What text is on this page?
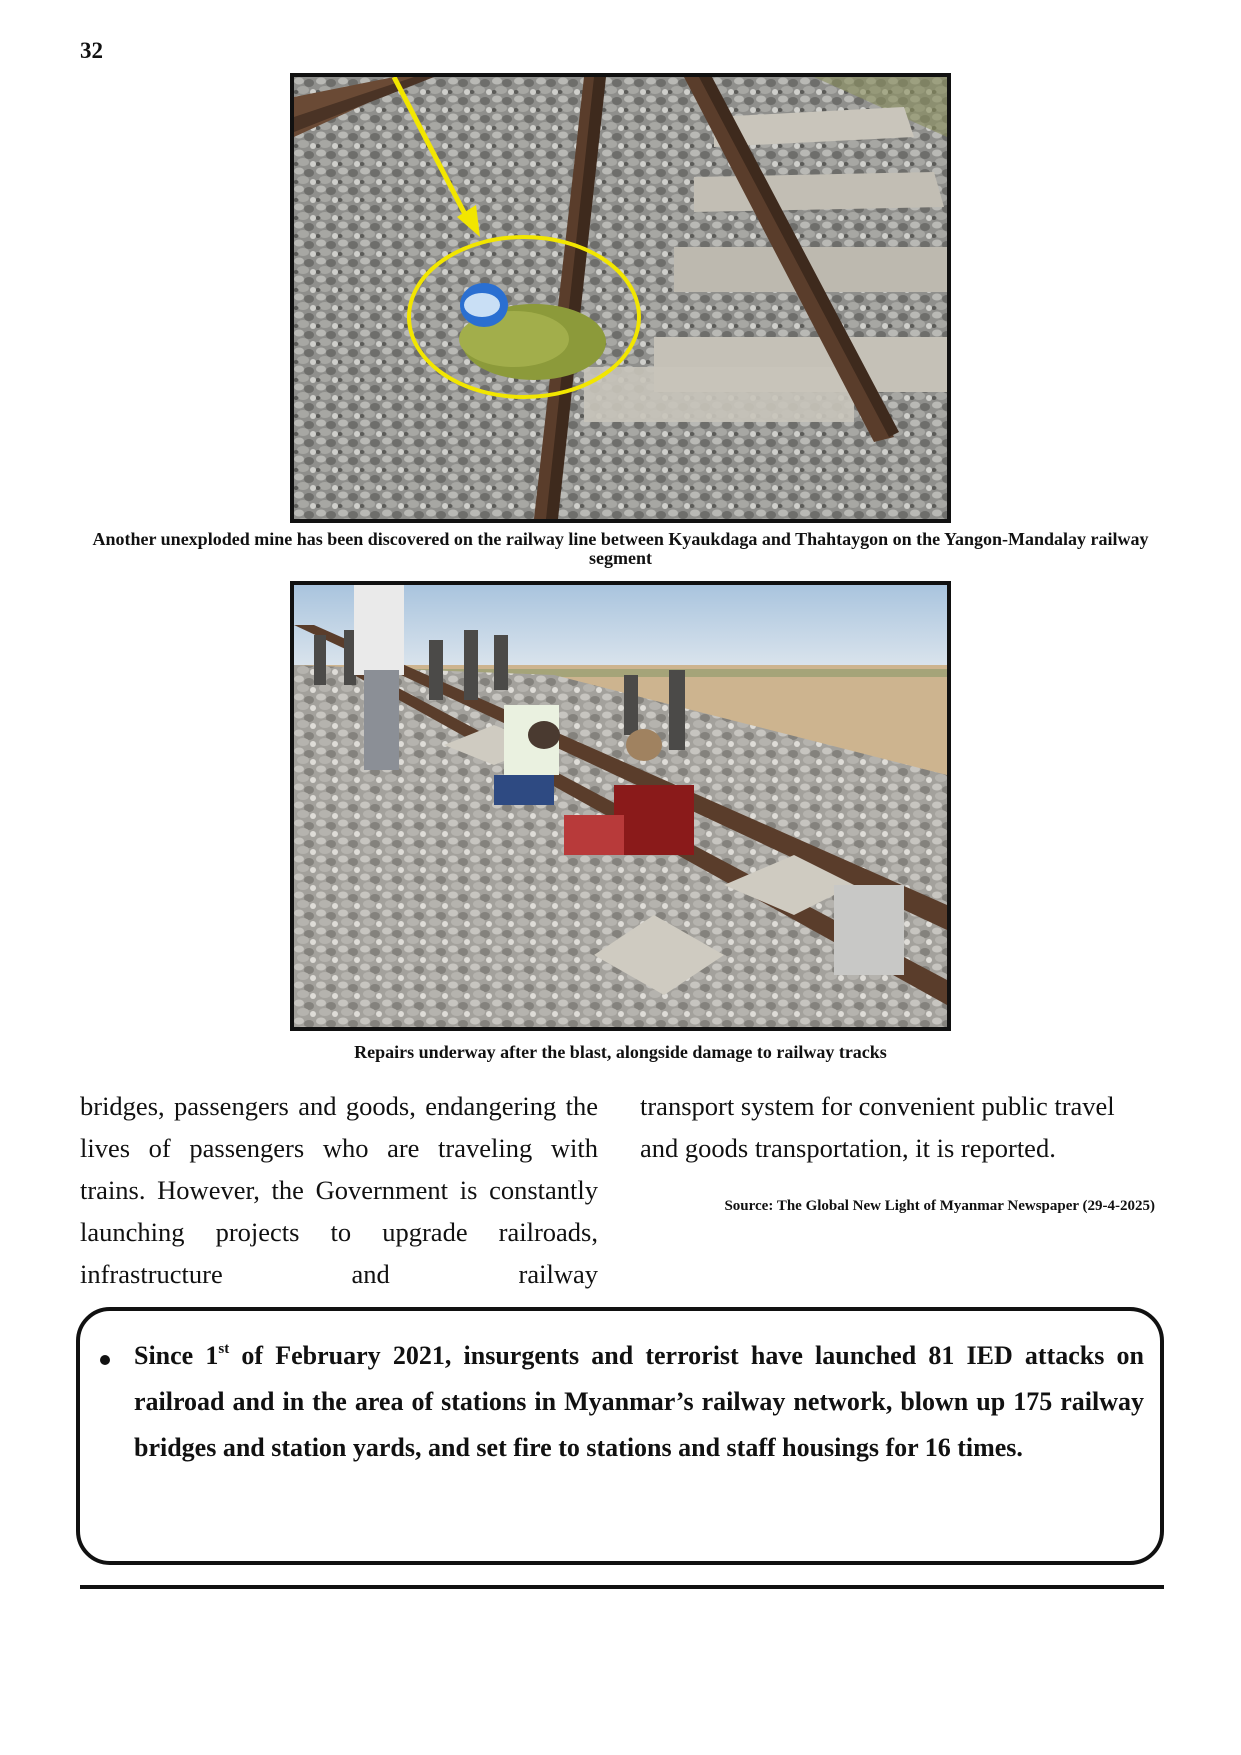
32
Another unexploded mine has been discovered on the railway line between Kyaukdaga and Thahtaygon on the Yangon-Mandalay railway segment
Repairs underway after the blast, alongside damage to railway tracks
bridges, passengers and goods, endangering the lives of passengers who are traveling with trains. However, the Government is constantly launching projects to upgrade railroads, infrastructure and railway
transport system for convenient public travel and goods transportation, it is reported.
Source: The Global New Light of Myanmar Newspaper (29-4-2025)
Since 1st of February 2021, insurgents and terrorist have launched 81 IED attacks on railroad and in the area of stations in Myanmar’s railway network, blown up 175 railway bridges and station yards, and set fire to stations and staff housings for 16 times.
